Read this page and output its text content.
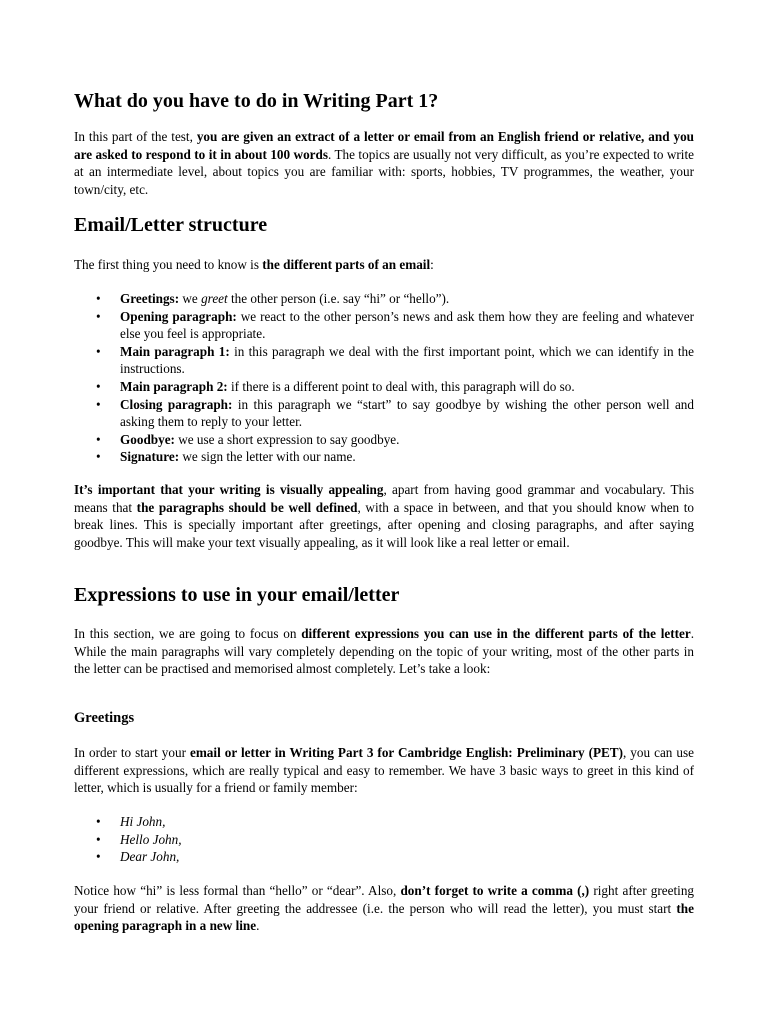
What do you have to do in Writing Part 1?

In this part of the test, you are given an extract of a letter or email from an English friend or relative, and you are asked to respond to it in about 100 words. The topics are usually not very difficult, as you’re expected to write at an intermediate level, about topics you are familiar with: sports, hobbies, TV programmes, the weather, your town/city, etc.

Email/Letter structure

The first thing you need to know is the different parts of an email:

• Greetings: we greet the other person (i.e. say “hi” or “hello”).
• Opening paragraph: we react to the other person’s news and ask them how they are feeling and whatever else you feel is appropriate.
• Main paragraph 1: in this paragraph we deal with the first important point, which we can identify in the instructions.
• Main paragraph 2: if there is a different point to deal with, this paragraph will do so.
• Closing paragraph: in this paragraph we “start” to say goodbye by wishing the other person well and asking them to reply to your letter.
• Goodbye: we use a short expression to say goodbye.
• Signature: we sign the letter with our name.

It’s important that your writing is visually appealing, apart from having good grammar and vocabulary. This means that the paragraphs should be well defined, with a space in between, and that you should know when to break lines. This is specially important after greetings, after opening and closing paragraphs, and after saying goodbye. This will make your text visually appealing, as it will look like a real letter or email.

Expressions to use in your email/letter

In this section, we are going to focus on different expressions you can use in the different parts of the letter. While the main paragraphs will vary completely depending on the topic of your writing, most of the other parts in the letter can be practised and memorised almost completely. Let’s take a look:

Greetings

In order to start your email or letter in Writing Part 3 for Cambridge English: Preliminary (PET), you can use different expressions, which are really typical and easy to remember. We have 3 basic ways to greet in this kind of letter, which is usually for a friend or family member:

• Hi John,
• Hello John,
• Dear John,

Notice how “hi” is less formal than “hello” or “dear”. Also, don’t forget to write a comma (,) right after greeting your friend or relative. After greeting the addressee (i.e. the person who will read the letter), you must start the opening paragraph in a new line.
